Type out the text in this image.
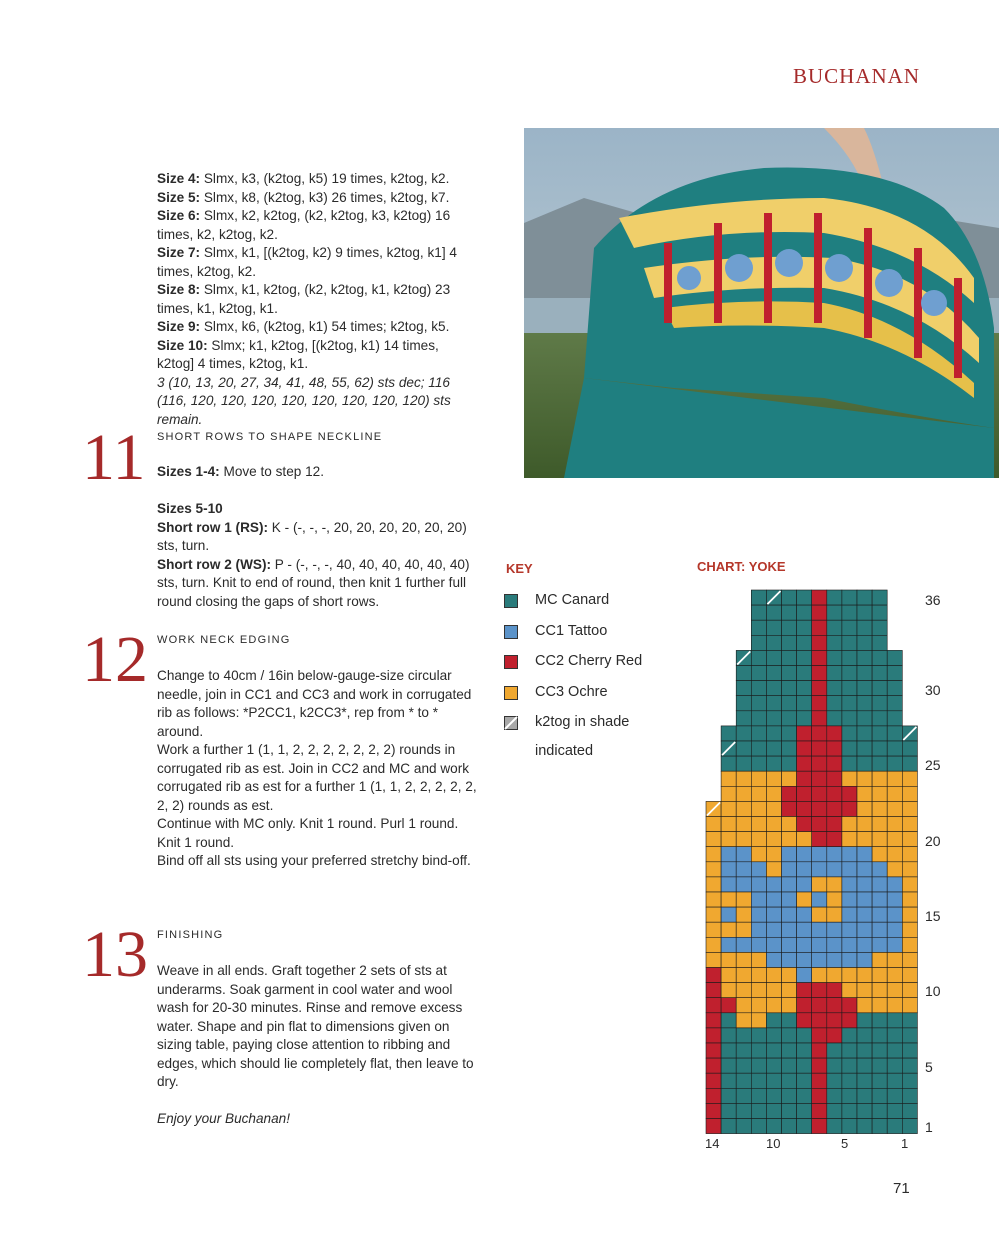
BUCHANAN

Size 4: Slmx, k3, (k2tog, k5) 19 times, k2tog, k2.

Size 5: Slmx, k8, (k2tog, k3) 26 times, k2tog, k7.

Size 6: Slmx, k2, k2tog, (k2, k2tog, k3, k2tog) 16 times, k2, k2tog, k2.

Size 7: Slmx, k1, [(k2tog, k2) 9 times, k2tog, k1] 4 times, k2tog, k2.

Size 8: Slmx, k1, k2tog, (k2, k2tog, k1, k2tog) 23 times, k1, k2tog, k1.

Size 9: Slmx, k6, (k2tog, k1) 54 times; k2tog, k5.

Size 10: Slmx; k1, k2tog, [(k2tog, k1) 14 times, k2tog] 4 times, k2tog, k1.

3 (10, 13, 20, 27, 34, 41, 48, 55, 62) sts dec; 116 (116, 120, 120, 120, 120, 120, 120, 120, 120) sts remain.

11	SHORT ROWS TO SHAPE NECKLINE

Sizes 1-4: Move to step 12.

Sizes 5-10

Short row 1 (RS): K - (-, -, -, 20, 20, 20, 20, 20, 20) sts, turn.

Short row 2 (WS): P - (-, -, -, 40, 40, 40, 40, 40, 40) sts, turn. Knit to end of round, then knit 1 further full round closing the gaps of short rows.

12 WORK NECK EDGING

Change to 40cm / 16in below-gauge-size circular needle, join in CC1 and CC3 and work in corrugated rib as follows: *P2CC1, k2CC3*, rep from * to * around.

Work a further 1 (1, 1, 2, 2, 2, 2, 2, 2, 2) rounds in corrugated rib as est. Join in CC2 and MC and work corrugated rib as est for a further 1 (1, 1, 2, 2, 2, 2, 2, 2, 2) rounds as est.

Continue with MC only. Knit 1 round. Purl 1 round.

Knit 1 round.

Bind off all sts using your preferred stretchy bind-off.

13 FINISHING

Weave in all ends. Graft together 2 sets of sts at underarms. Soak garment in cool water and wool wash for 20-30 minutes. Rinse and remove excess water. Shape and pin flat to dimensions given on sizing table, paying close attention to ribbing and edges, which should lie completely flat, then leave to dry.

Enjoy your Buchanan!

KEY
MC Canard
CC1 Tattoo
CC2 Cherry Red
CC3 Ochre
k2tog in shade
indicated
CHART: YOKE
36
30
25
20
15
10
5
1
14	10	5	1
71
